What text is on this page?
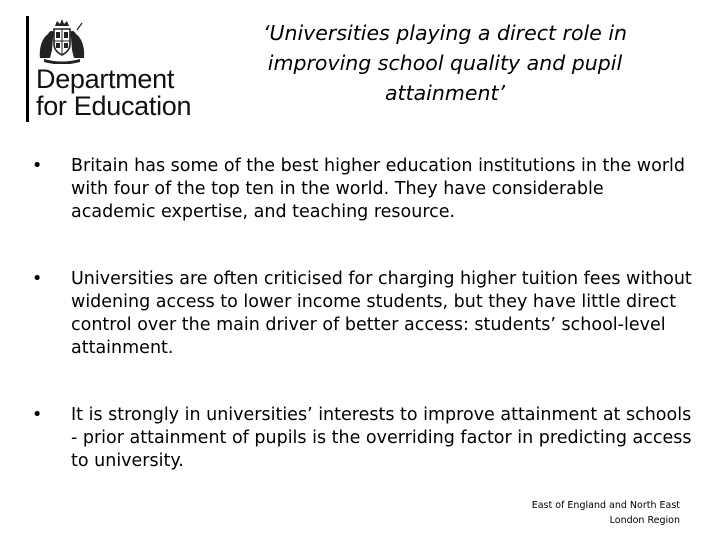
Department
for Education
‘Universities playing a direct role in improving school quality and pupil attainment’
• Britain has some of the best higher education institutions in the world with four of the top ten in the world. They have considerable academic expertise, and teaching resource.
• Universities are often criticised for charging higher tuition fees without widening access to lower income students, but they have little direct control over the main driver of better access: students’ school-level attainment.
• It is strongly in universities’ interests to improve attainment at schools - prior attainment of pupils is the overriding factor in predicting access to university.
East of England and North East
London Region
